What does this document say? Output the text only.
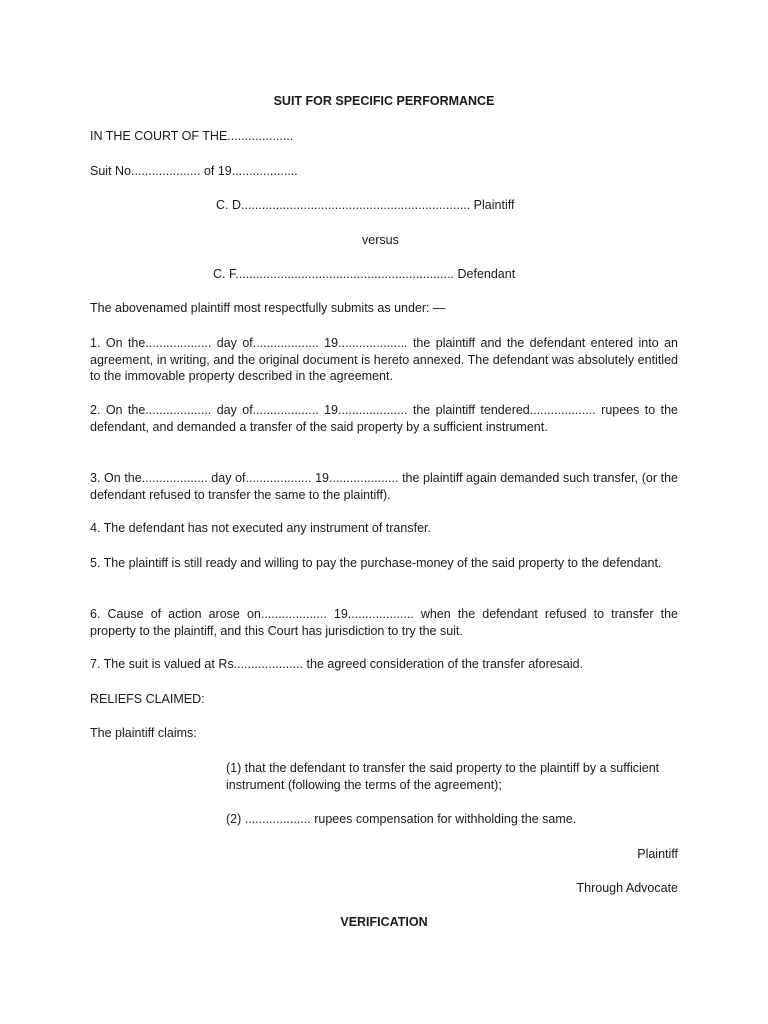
SUIT FOR SPECIFIC PERFORMANCE

IN THE COURT OF THE...................

Suit No.................... of 19...................

C. D.................................................................. Plaintiff

versus

C. F............................................................... Defendant

The abovenamed plaintiff most respectfully submits as under: —

1. On the................... day of................... 19.................... the plaintiff and the defendant entered into an agreement, in writing, and the original document is hereto annexed. The defendant was absolutely entitled to the immovable property described in the agreement.

2. On the................... day of................... 19.................... the plaintiff tendered................... rupees to the defendant, and demanded a transfer of the said property by a sufficient instrument.

3. On the................... day of................... 19.................... the plaintiff again demanded such transfer, (or the defendant refused to transfer the same to the plaintiff).

4. The defendant has not executed any instrument of transfer.

5. The plaintiff is still ready and willing to pay the purchase-money of the said property to the defendant.

6. Cause of action arose on................... 19................... when the defendant refused to transfer the property to the plaintiff, and this Court has jurisdiction to try the suit.

7. The suit is valued at Rs.................... the agreed consideration of the transfer aforesaid.

RELIEFS CLAIMED:

The plaintiff claims:

(1) that the defendant to transfer the said property to the plaintiff by a sufficient instrument (following the terms of the agreement);

(2) ................... rupees compensation for withholding the same.

Plaintiff

Through Advocate

VERIFICATION
